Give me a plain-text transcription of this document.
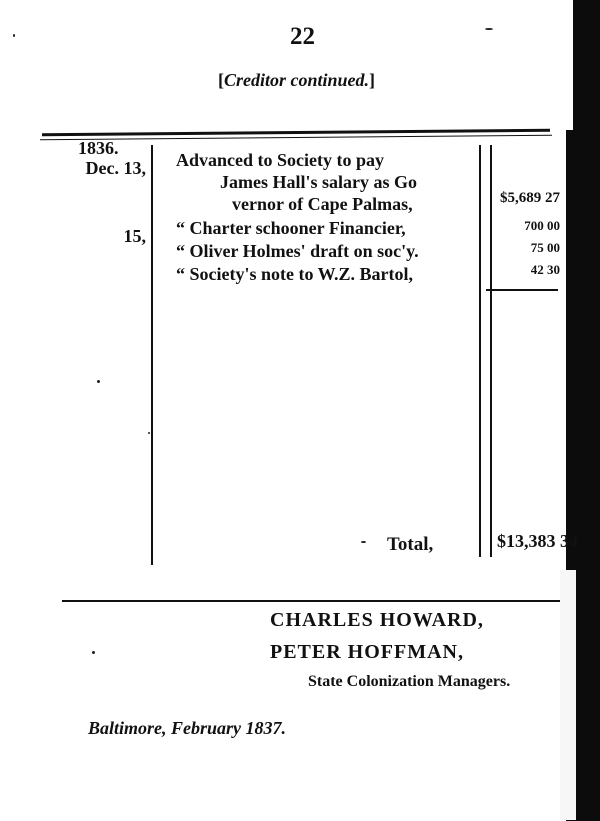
22
[Creditor continued.]
1836.
Dec. 13, Advanced to Society to pay
James Hall's salary as Go
vernor of Cape Palmas,	$5,689 27
15, “ Charter schooner Financier,	700 00
“ Oliver Holmes' draft on soc'y.	75 00
“ Society's note to W.Z. Bartol,	42 30
Total,	$13,383 34
CHARLES HOWARD,
PETER HOFFMAN,
State Colonization Managers.
Baltimore, February 1837.
